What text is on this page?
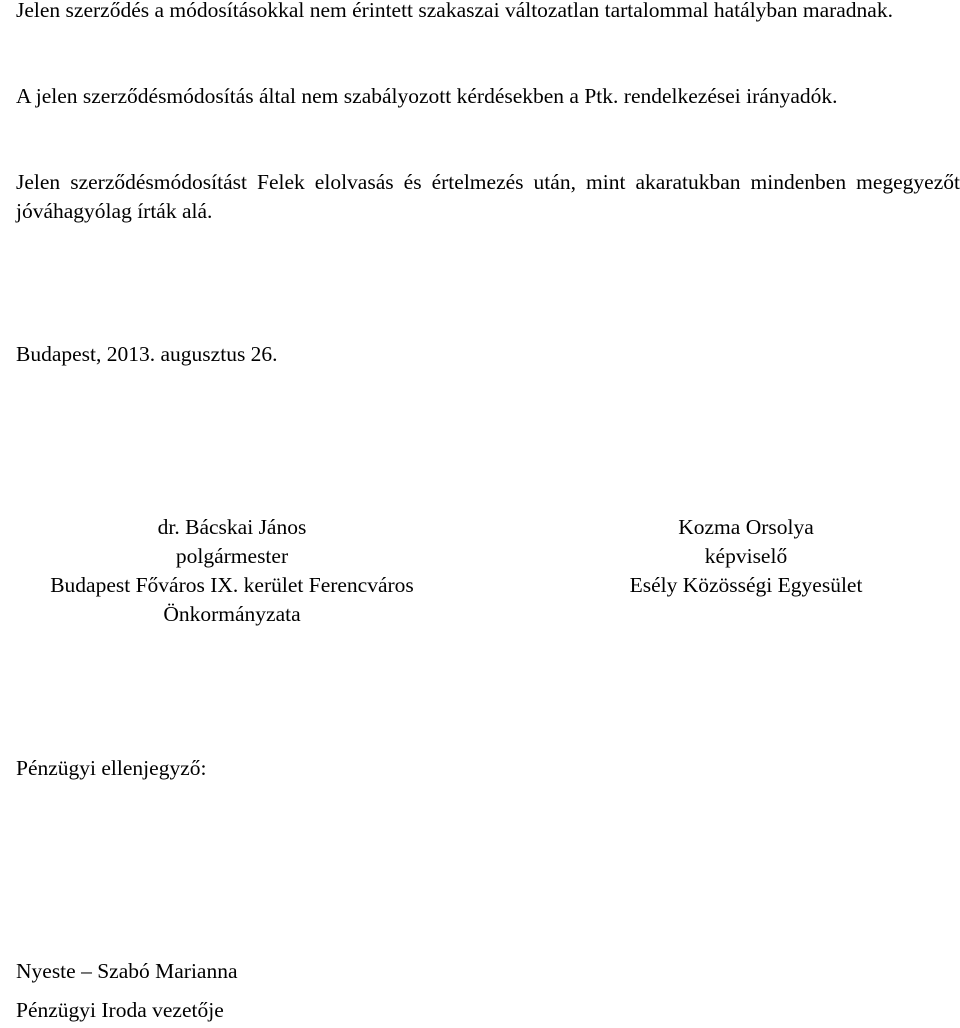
Jelen szerződés a módosításokkal nem érintett szakaszai változatlan tartalommal hatályban maradnak.

A jelen szerződésmódosítás által nem szabályozott kérdésekben a Ptk. rendelkezései irányadók.

Jelen szerződésmódosítást Felek elolvasás és értelmezés után, mint akaratukban mindenben megegyezőt jóváhagyólag írták alá.

Budapest, 2013. augusztus 26.

dr. Bácskai János
polgármester
Budapest Főváros IX. kerület Ferencváros
Önkormányzata
Kozma Orsolya
képviselő
Esély Közösségi Egyesület

Pénzügyi ellenjegyző:

Nyeste – Szabó Marianna

Pénzügyi Iroda vezetője
